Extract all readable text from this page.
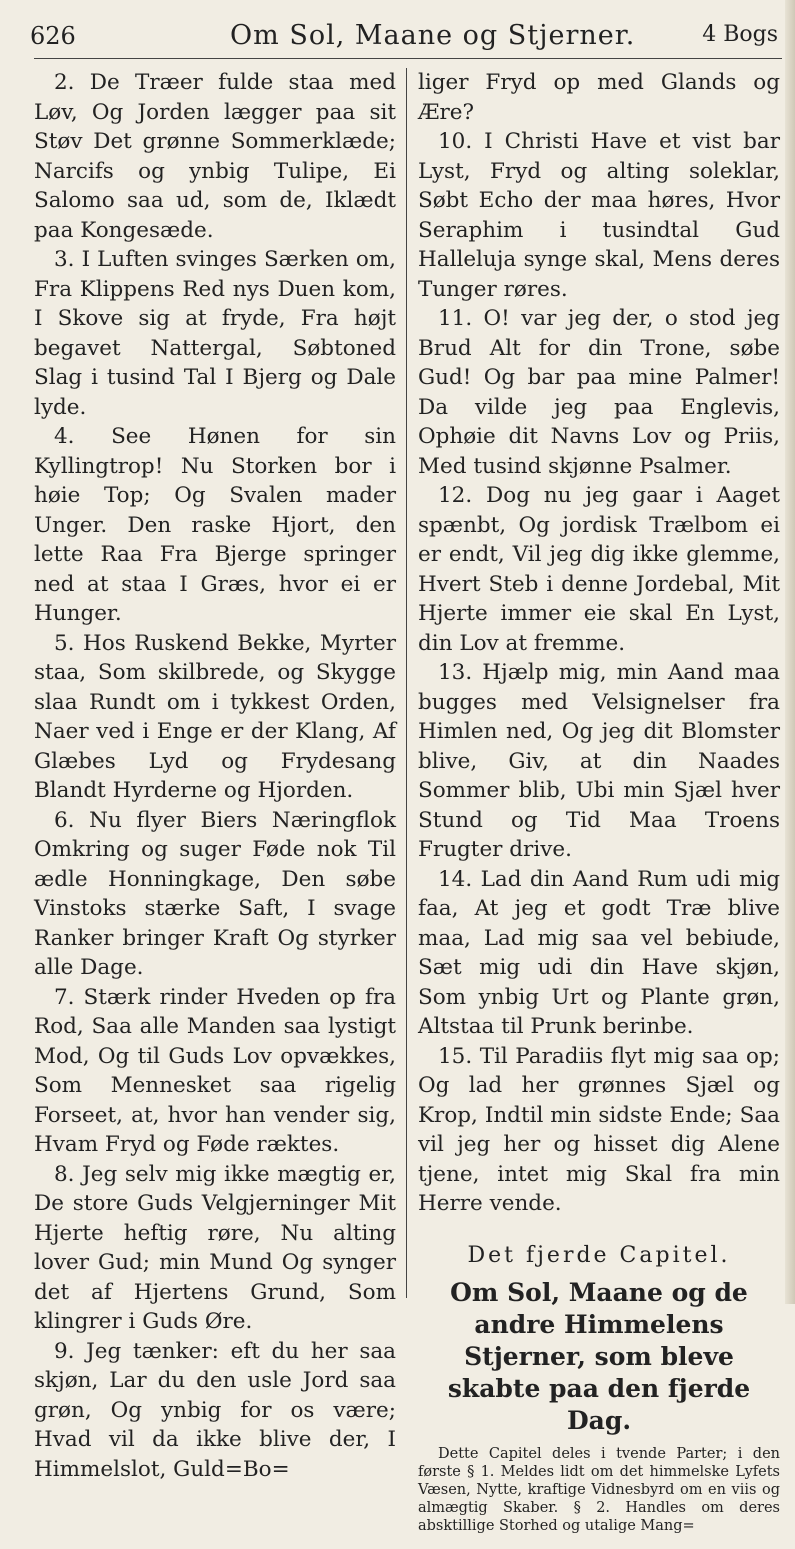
626	Om Sol, Maane og Stjerner.	4 Bogs

2. De Træer fulde staa med Løv, Og Jorden lægger paa sit Støv Det grønne Sommerklæde; Narcifs og ynbig Tulipe, Ei Salomo saa ud, som de, Iklædt paa Kongesæde.

3. I Luften svinges Særken om, Fra Klippens Red nys Duen kom, I Skove sig at fryde, Fra højt begavet Nattergal, Søbtoned Slag i tusind Tal I Bjerg og Dale lyde.

4. See Hønen for sin Kyllingtrop! Nu Storken bor i høie Top; Og Svalen mader Unger. Den raske Hjort, den lette Raa Fra Bjerge springer ned at staa I Græs, hvor ei er Hunger.

5. Hos Ruskend Bekke, Myrter staa, Som skilbrede, og Skygge slaa Rundt om i tykkest Orden, Naer ved i Enge er der Klang, Af Glæbes Lyd og Frydesang Blandt Hyrderne og Hjorden.

6. Nu flyer Biers Næringflok Omkring og suger Føde nok Til ædle Honningkage, Den søbe Vinstoks stærke Saft, I svage Ranker bringer Kraft Og styrker alle Dage.

7. Stærk rinder Hveden op fra Rod, Saa alle Manden saa lystigt Mod, Og til Guds Lov opvækkes, Som Mennesket saa rigelig Forseet, at, hvor han vender sig, Hvam Fryd og Føde ræktes.

8. Jeg selv mig ikke mægtig er, De store Guds Velgjerninger Mit Hjerte heftig røre, Nu alting lover Gud; min Mund Og synger det af Hjertens Grund, Som klingrer i Guds Øre.

9. Jeg tænker: eft du her saa skjøn, Lar du den usle Jord saa grøn, Og ynbig for os være; Hvad vil da ikke blive der, I Himmelslot, Guld=Bo=

liger Fryd op med Glands og Ære?

10. I Christi Have et vist bar Lyst, Fryd og alting soleklar, Søbt Echo der maa høres, Hvor Seraphim i tusindtal Gud Halleluja synge skal, Mens deres Tunger røres.

11. O! var jeg der, o stod jeg Brud Alt for din Trone, søbe Gud! Og bar paa mine Palmer! Da vilde jeg paa Englevis, Ophøie dit Navns Lov og Priis, Med tusind skjønne Psalmer.

12. Dog nu jeg gaar i Aaget spænbt, Og jordisk Trælbom ei er endt, Vil jeg dig ikke glemme, Hvert Steb i denne Jordebal, Mit Hjerte immer eie skal En Lyst, din Lov at fremme.

13. Hjælp mig, min Aand maa bugges med Velsignelser fra Himlen ned, Og jeg dit Blomster blive, Giv, at din Naades Sommer blib, Ubi min Sjæl hver Stund og Tid Maa Troens Frugter drive.

14. Lad din Aand Rum udi mig faa, At jeg et godt Træ blive maa, Lad mig saa vel bebiude, Sæt mig udi din Have skjøn, Som ynbig Urt og Plante grøn, Altstaa til Prunk berinbe.

15. Til Paradiis flyt mig saa op; Og lad her grønnes Sjæl og Krop, Indtil min sidste Ende; Saa vil jeg her og hisset dig Alene tjene, intet mig Skal fra min Herre vende.

Det fjerde Capitel.
Om Sol, Maane og de andre Himmelens Stjerner, som bleve skabte paa den fjerde Dag.

Dette Capitel deles i tvende Parter; i den første § 1. Meldes lidt om det himmelske Lyfets Væsen, Nytte, kraftige Vidnesbyrd om en viis og almægtig Skaber. § 2. Handles om deres absktillige Storhed og utalige Mang=
